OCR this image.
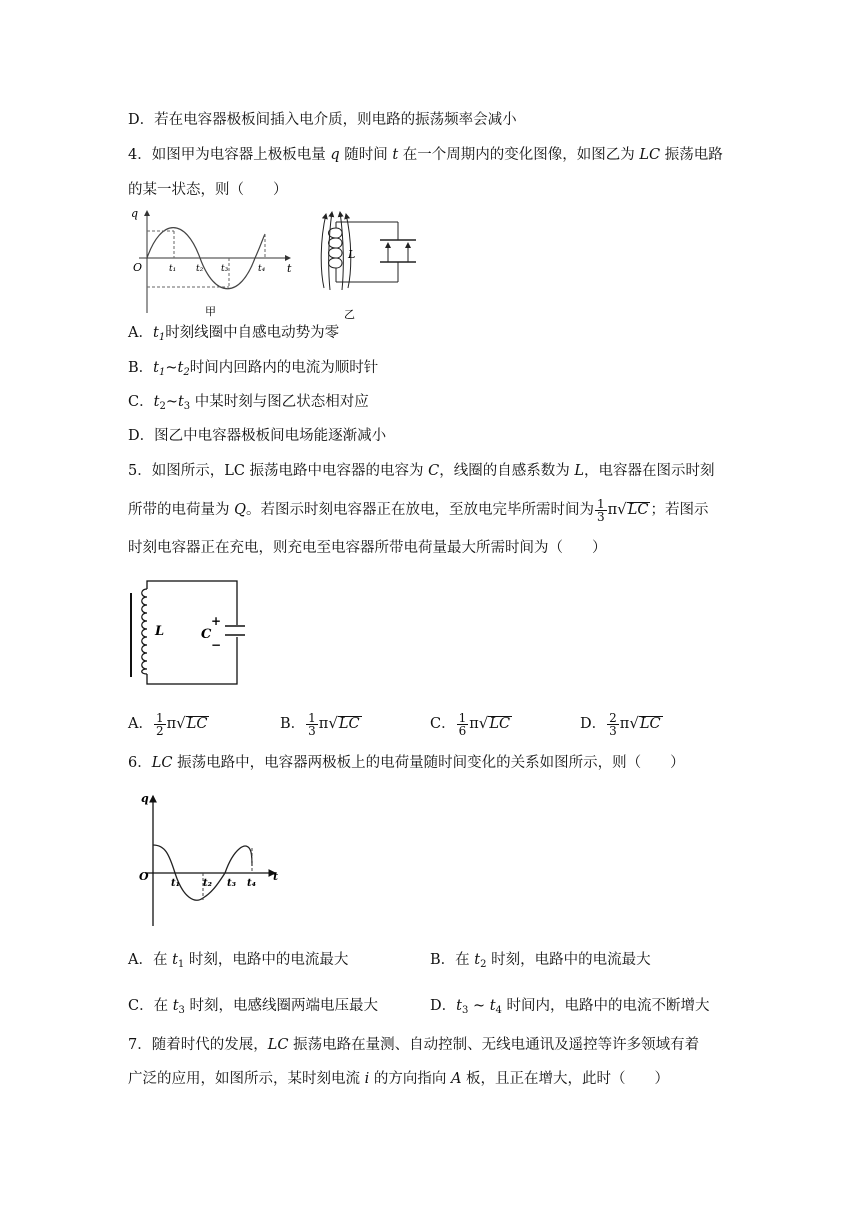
D．若在电容器极板间插入电介质，则电路的振荡频率会减小
4．如图甲为电容器上极板电量 q 随时间 t 在一个周期内的变化图像，如图乙为 LC 振荡电路
的某一状态，则（　　）
q
t
O	t₁ t₂ t₃	t₄
甲
L
乙
A．$t_1$时刻线圈中自感电动势为零
B．$t_1\sim t_2$时间内回路内的电流为顺时针
C．$t_2\sim t_3$ 中某时刻与图乙状态相对应
D．图乙中电容器极板间电场能逐渐减小
5．如图所示，LC 振荡电路中电容器的电容为 C，线圈的自感系数为 L，电容器在图示时刻
所带的电荷量为 Q。若图示时刻电容器正在放电，至放电完毕所需时间为 $\frac{1}{3} \pi√LC$ ；若图示
时刻电容器正在充电，则充电至电容器所带电荷量最大所需时间为（　　）
L	C
+
−
A． $\frac{1}{2} \pi√LC$	B． $\frac{1}{3} \pi√LC$	C． $\frac{1}{6} \pi√LC$	D． $\frac{2}{3} \pi√LC$
6．LC 振荡电路中，电容器两极板上的电荷量随时间变化的关系如图所示，则（　　）
q
t
O
t₁ t₂ t₃ t₄
A．在 $t_1$ 时刻，电路中的电流最大	B．在 $t_2$ 时刻，电路中的电流最大
C．在 $t_3$ 时刻，电感线圈两端电压最大	D．$t_3$ ~ $t_4$ 时间内，电路中的电流不断增大
7．随着时代的发展，LC 振荡电路在量测、自动控制、无线电通讯及遥控等许多领域有着
广泛的应用，如图所示，某时刻电流 i 的方向指向 A 板，且正在增大，此时（　　）
